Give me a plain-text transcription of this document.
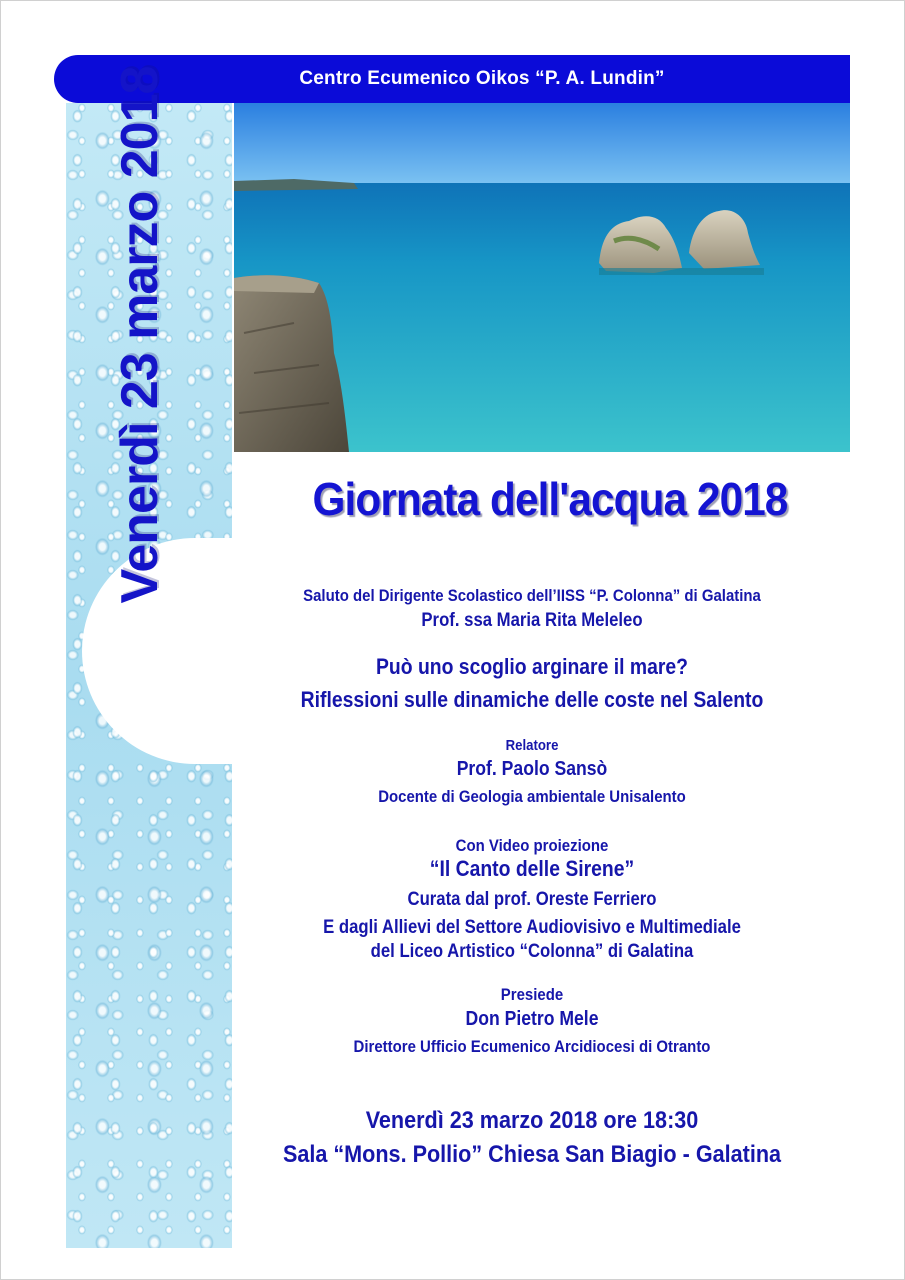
Centro Ecumenico Oikos “P. A. Lundin”
Venerdì 23 marzo 2018	Giornata dell'acqua 2018
Saluto del Dirigente Scolastico dell’IISS “P. Colonna” di Galatina
Prof. ssa Maria Rita Meleleo
Può uno scoglio arginare il mare?
Riflessioni sulle dinamiche delle coste nel Salento
Relatore
Prof. Paolo Sansò
Docente di Geologia ambientale Unisalento
Con Video proiezione
“Il Canto delle Sirene”
Curata dal prof. Oreste Ferriero
E dagli Allievi del Settore Audiovisivo e Multimediale
del Liceo Artistico “Colonna” di Galatina
Presiede
Don Pietro Mele
Direttore Ufficio Ecumenico Arcidiocesi di Otranto
Venerdì 23 marzo 2018 ore 18:30
Sala “Mons. Pollio” Chiesa San Biagio - Galatina
